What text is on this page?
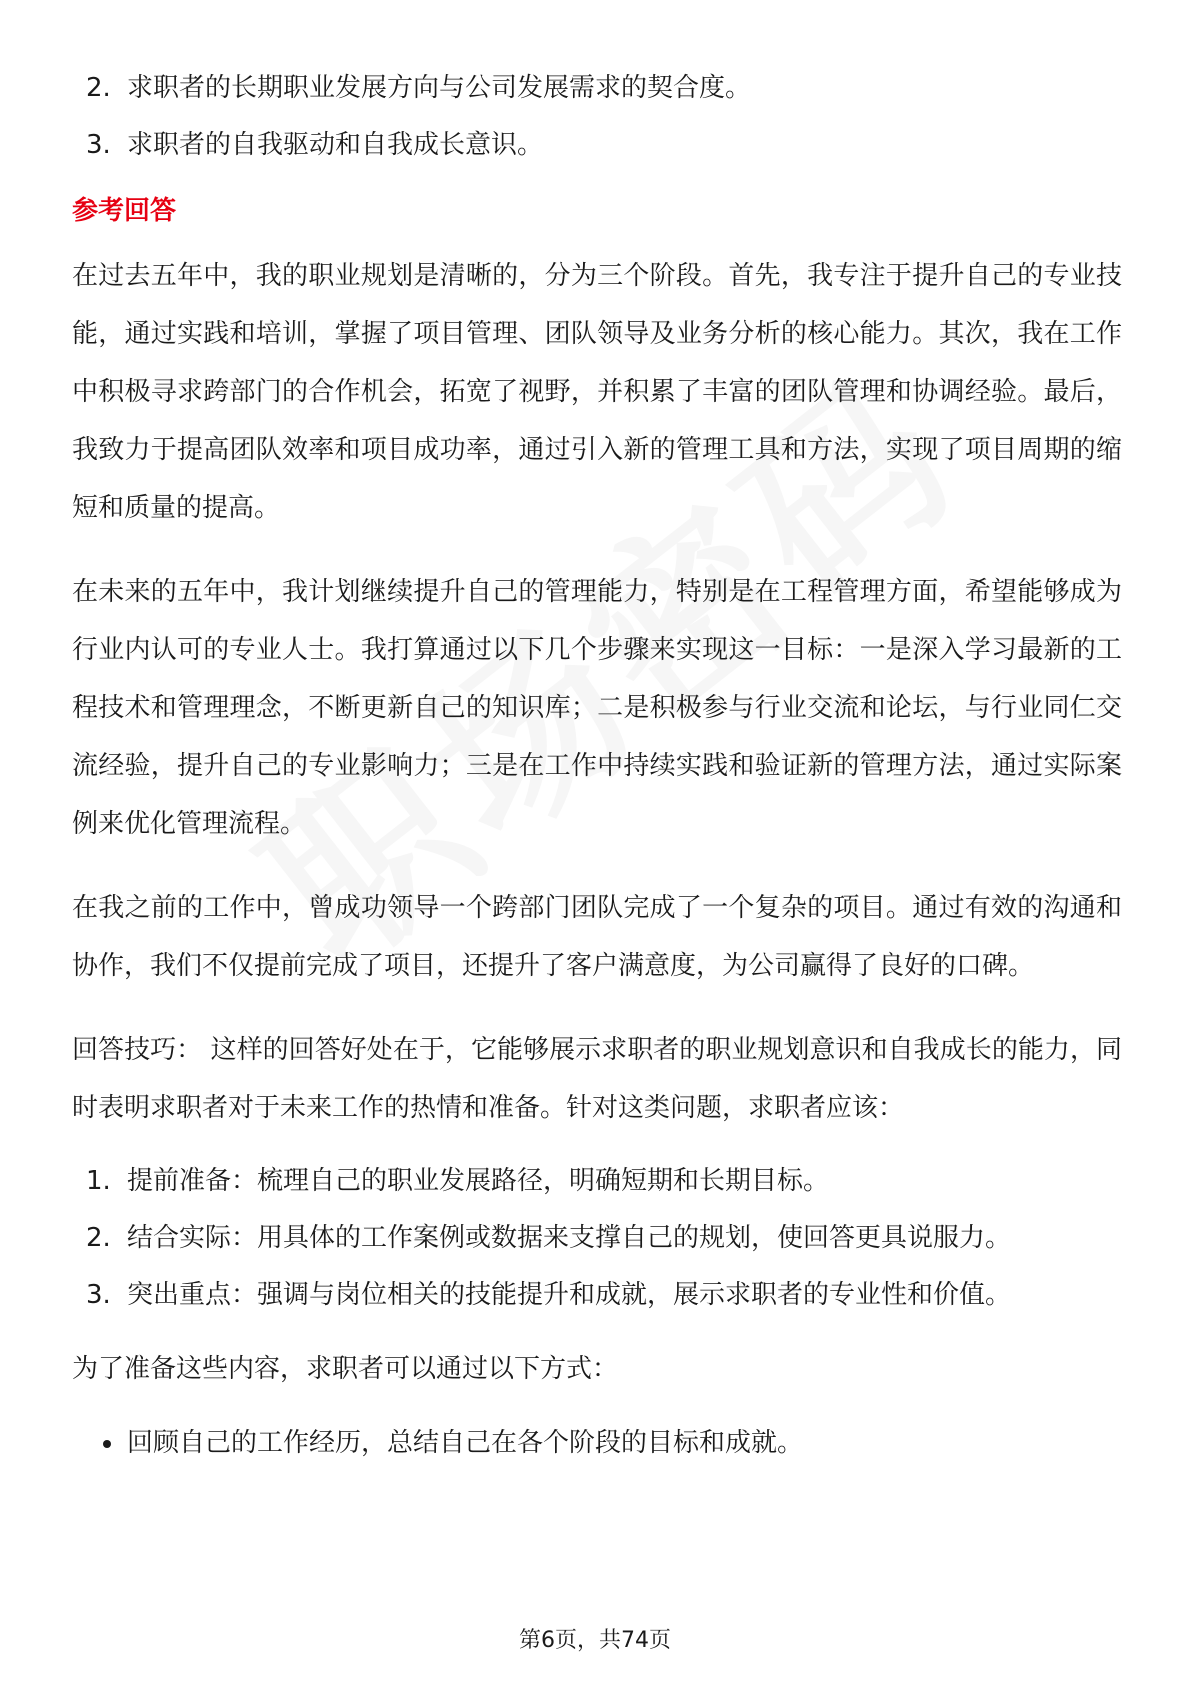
2. 求职者的长期职业发展方向与公司发展需求的契合度。
3. 求职者的自我驱动和自我成长意识。
参考回答

在过去五年中，我的职业规划是清晰的，分为三个阶段。首先，我专注于提升自己的专业技能，通过实践和培训，掌握了项目管理、团队领导及业务分析的核心能力。其次，我在工作中积极寻求跨部门的合作机会，拓宽了视野，并积累了丰富的团队管理和协调经验。最后，我致力于提高团队效率和项目成功率，通过引入新的管理工具和方法，实现了项目周期的缩短和质量的提高。

在未来的五年中，我计划继续提升自己的管理能力，特别是在工程管理方面，希望能够成为行业内认可的专业人士。我打算通过以下几个步骤来实现这一目标：一是深入学习最新的工程技术和管理理念，不断更新自己的知识库；二是积极参与行业交流和论坛，与行业同仁交流经验，提升自己的专业影响力；三是在工作中持续实践和验证新的管理方法，通过实际案例来优化管理流程。

在我之前的工作中，曾成功领导一个跨部门团队完成了一个复杂的项目。通过有效的沟通和协作，我们不仅提前完成了项目，还提升了客户满意度，为公司赢得了良好的口碑。

回答技巧： 这样的回答好处在于，它能够展示求职者的职业规划意识和自我成长的能力，同时表明求职者对于未来工作的热情和准备。针对这类问题，求职者应该：

1. 提前准备：梳理自己的职业发展路径，明确短期和长期目标。
2. 结合实际：用具体的工作案例或数据来支撑自己的规划，使回答更具说服力。
3. 突出重点：强调与岗位相关的技能提升和成就，展示求职者的专业性和价值。

为了准备这些内容，求职者可以通过以下方式：

回顾自己的工作经历，总结自己在各个阶段的目标和成就。
第6页，共74页
